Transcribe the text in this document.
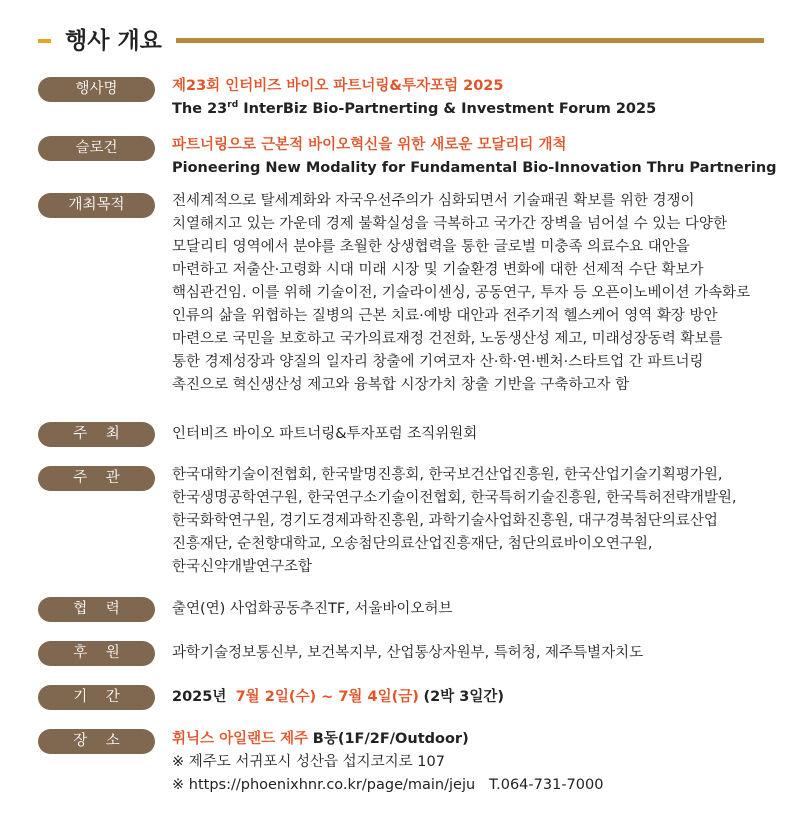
행사 개요
행사명	제23회 인터비즈 바이오 파트너링&투자포럼 2025
The 23rd InterBiz Bio-Partnerting & Investment Forum 2025
슬로건	파트너링으로 근본적 바이오혁신을 위한 새로운 모달리티 개척
Pioneering New Modality for Fundamental Bio-Innovation Thru Partnering
개최목적	전세계적으로 탈세계화와 자국우선주의가 심화되면서 기술패권 확보를 위한 경쟁이
치열해지고 있는 가운데 경제 불확실성을 극복하고 국가간 장벽을 넘어설 수 있는 다양한
모달리티 영역에서 분야를 초월한 상생협력을 통한 글로벌 미충족 의료수요 대안을
마련하고 저출산·고령화 시대 미래 시장 및 기술환경 변화에 대한 선제적 수단 확보가
핵심관건임. 이를 위해 기술이전, 기술라이센싱, 공동연구, 투자 등 오픈이노베이션 가속화로
인류의 삶을 위협하는 질병의 근본 치료·예방 대안과 전주기적 헬스케어 영역 확장 방안
마련으로 국민을 보호하고 국가의료재정 건전화, 노동생산성 제고, 미래성장동력 확보를
통한 경제성장과 양질의 일자리 창출에 기여코자 산·학·연·벤처·스타트업 간 파트너링
촉진으로 혁신생산성 제고와 융복합 시장가치 창출 기반을 구축하고자 함
주    최	인터비즈 바이오 파트너링&투자포럼 조직위원회
주    관	한국대학기술이전협회, 한국발명진흥회, 한국보건산업진흥원, 한국산업기술기획평가원,
한국생명공학연구원, 한국연구소기술이전협회, 한국특허기술진흥원, 한국특허전략개발원,
한국화학연구원, 경기도경제과학진흥원, 과학기술사업화진흥원, 대구경북첨단의료산업
진흥재단, 순천향대학교, 오송첨단의료산업진흥재단, 첨단의료바이오연구원,
한국신약개발연구조합
협    력	출연(연) 사업화공동추진TF, 서울바이오허브
후    원	과학기술정보통신부, 보건복지부, 산업통상자원부, 특허청, 제주특별자치도
기    간	2025년 7월 2일(수) ~ 7월 4일(금) (2박 3일간)
장    소	휘닉스 아일랜드 제주 B동(1F/2F/Outdoor)
※ 제주도 서귀포시 성산읍 섭지코지로 107
※ https://phoenixhnr.co.kr/page/main/jeju   T.064-731-7000
